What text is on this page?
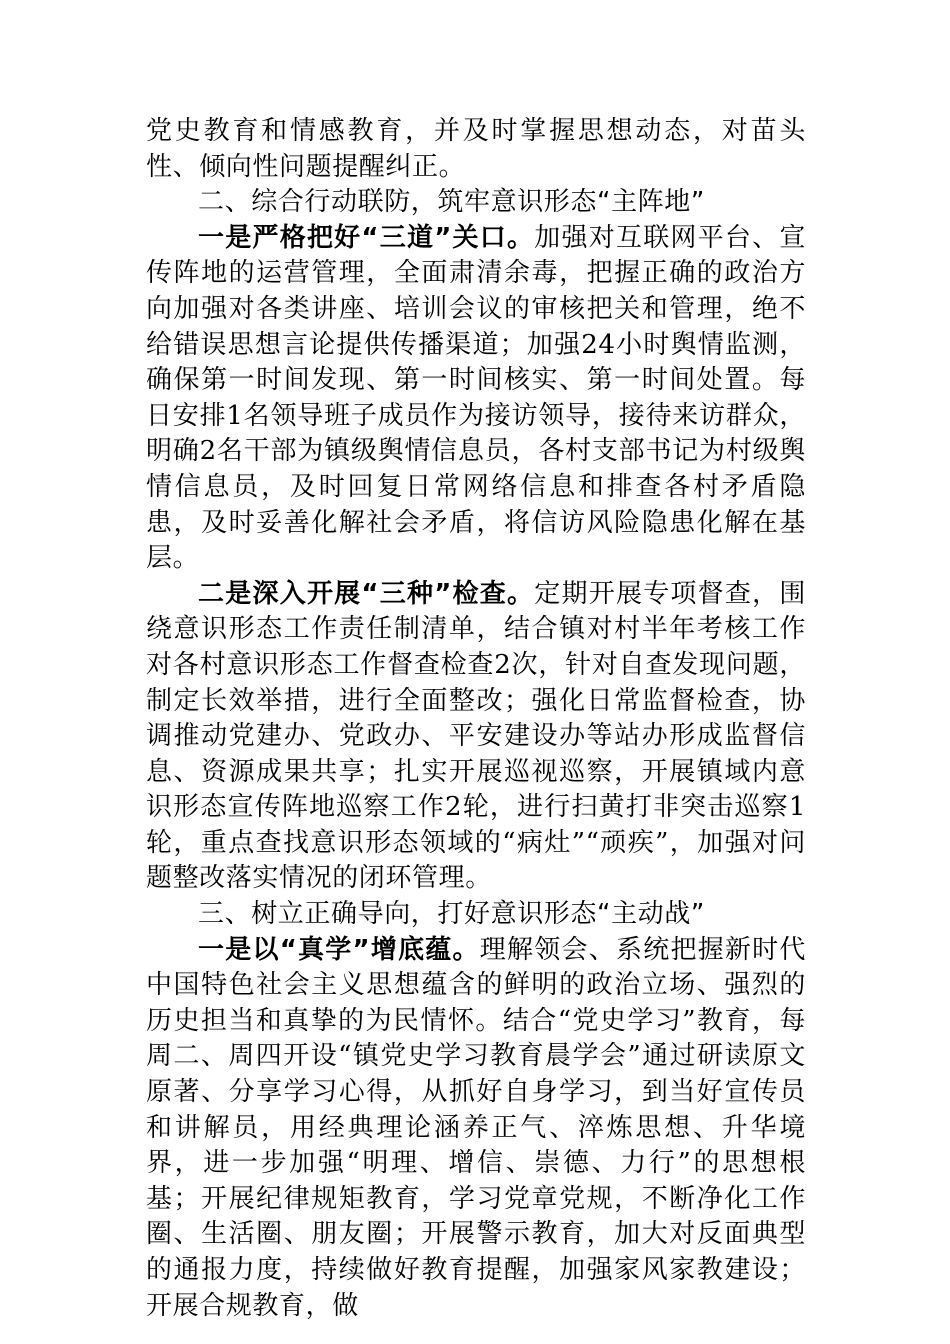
党史教育和情感教育，并及时掌握思想动态，对苗头性、倾向性问题提醒纠正。

二、综合行动联防，筑牢意识形态“主阵地”

一是严格把好“三道”关口。加强对互联网平台、宣传阵地的运营管理，全面肃清余毒，把握正确的政治方向加强对各类讲座、培训会议的审核把关和管理，绝不给错误思想言论提供传播渠道；加强24小时舆情监测，确保第一时间发现、第一时间核实、第一时间处置。每日安排1名领导班子成员作为接访领导，接待来访群众，明确2名干部为镇级舆情信息员，各村支部书记为村级舆情信息员，及时回复日常网络信息和排查各村矛盾隐患，及时妥善化解社会矛盾，将信访风险隐患化解在基层。

二是深入开展“三种”检查。定期开展专项督查，围绕意识形态工作责任制清单，结合镇对村半年考核工作对各村意识形态工作督查检查2次，针对自查发现问题，制定长效举措，进行全面整改；强化日常监督检查，协调推动党建办、党政办、平安建设办等站办形成监督信息、资源成果共享；扎实开展巡视巡察，开展镇域内意识形态宣传阵地巡察工作2轮，进行扫黄打非突击巡察1轮，重点查找意识形态领域的“病灶”“顽疾”，加强对问题整改落实情况的闭环管理。

三、树立正确导向，打好意识形态“主动战”

一是以“真学”增底蕴。理解领会、系统把握新时代中国特色社会主义思想蕴含的鲜明的政治立场、强烈的历史担当和真挚的为民情怀。结合“党史学习”教育，每周二、周四开设“镇党史学习教育晨学会”通过研读原文原著、分享学习心得，从抓好自身学习，到当好宣传员和讲解员，用经典理论涵养正气、淬炼思想、升华境界，进一步加强“明理、增信、崇德、力行”的思想根基；开展纪律规矩教育，学习党章党规，不断净化工作圈、生活圈、朋友圈；开展警示教育，加大对反面典型的通报力度，持续做好教育提醒，加强家风家教建设；开展合规教育，做
